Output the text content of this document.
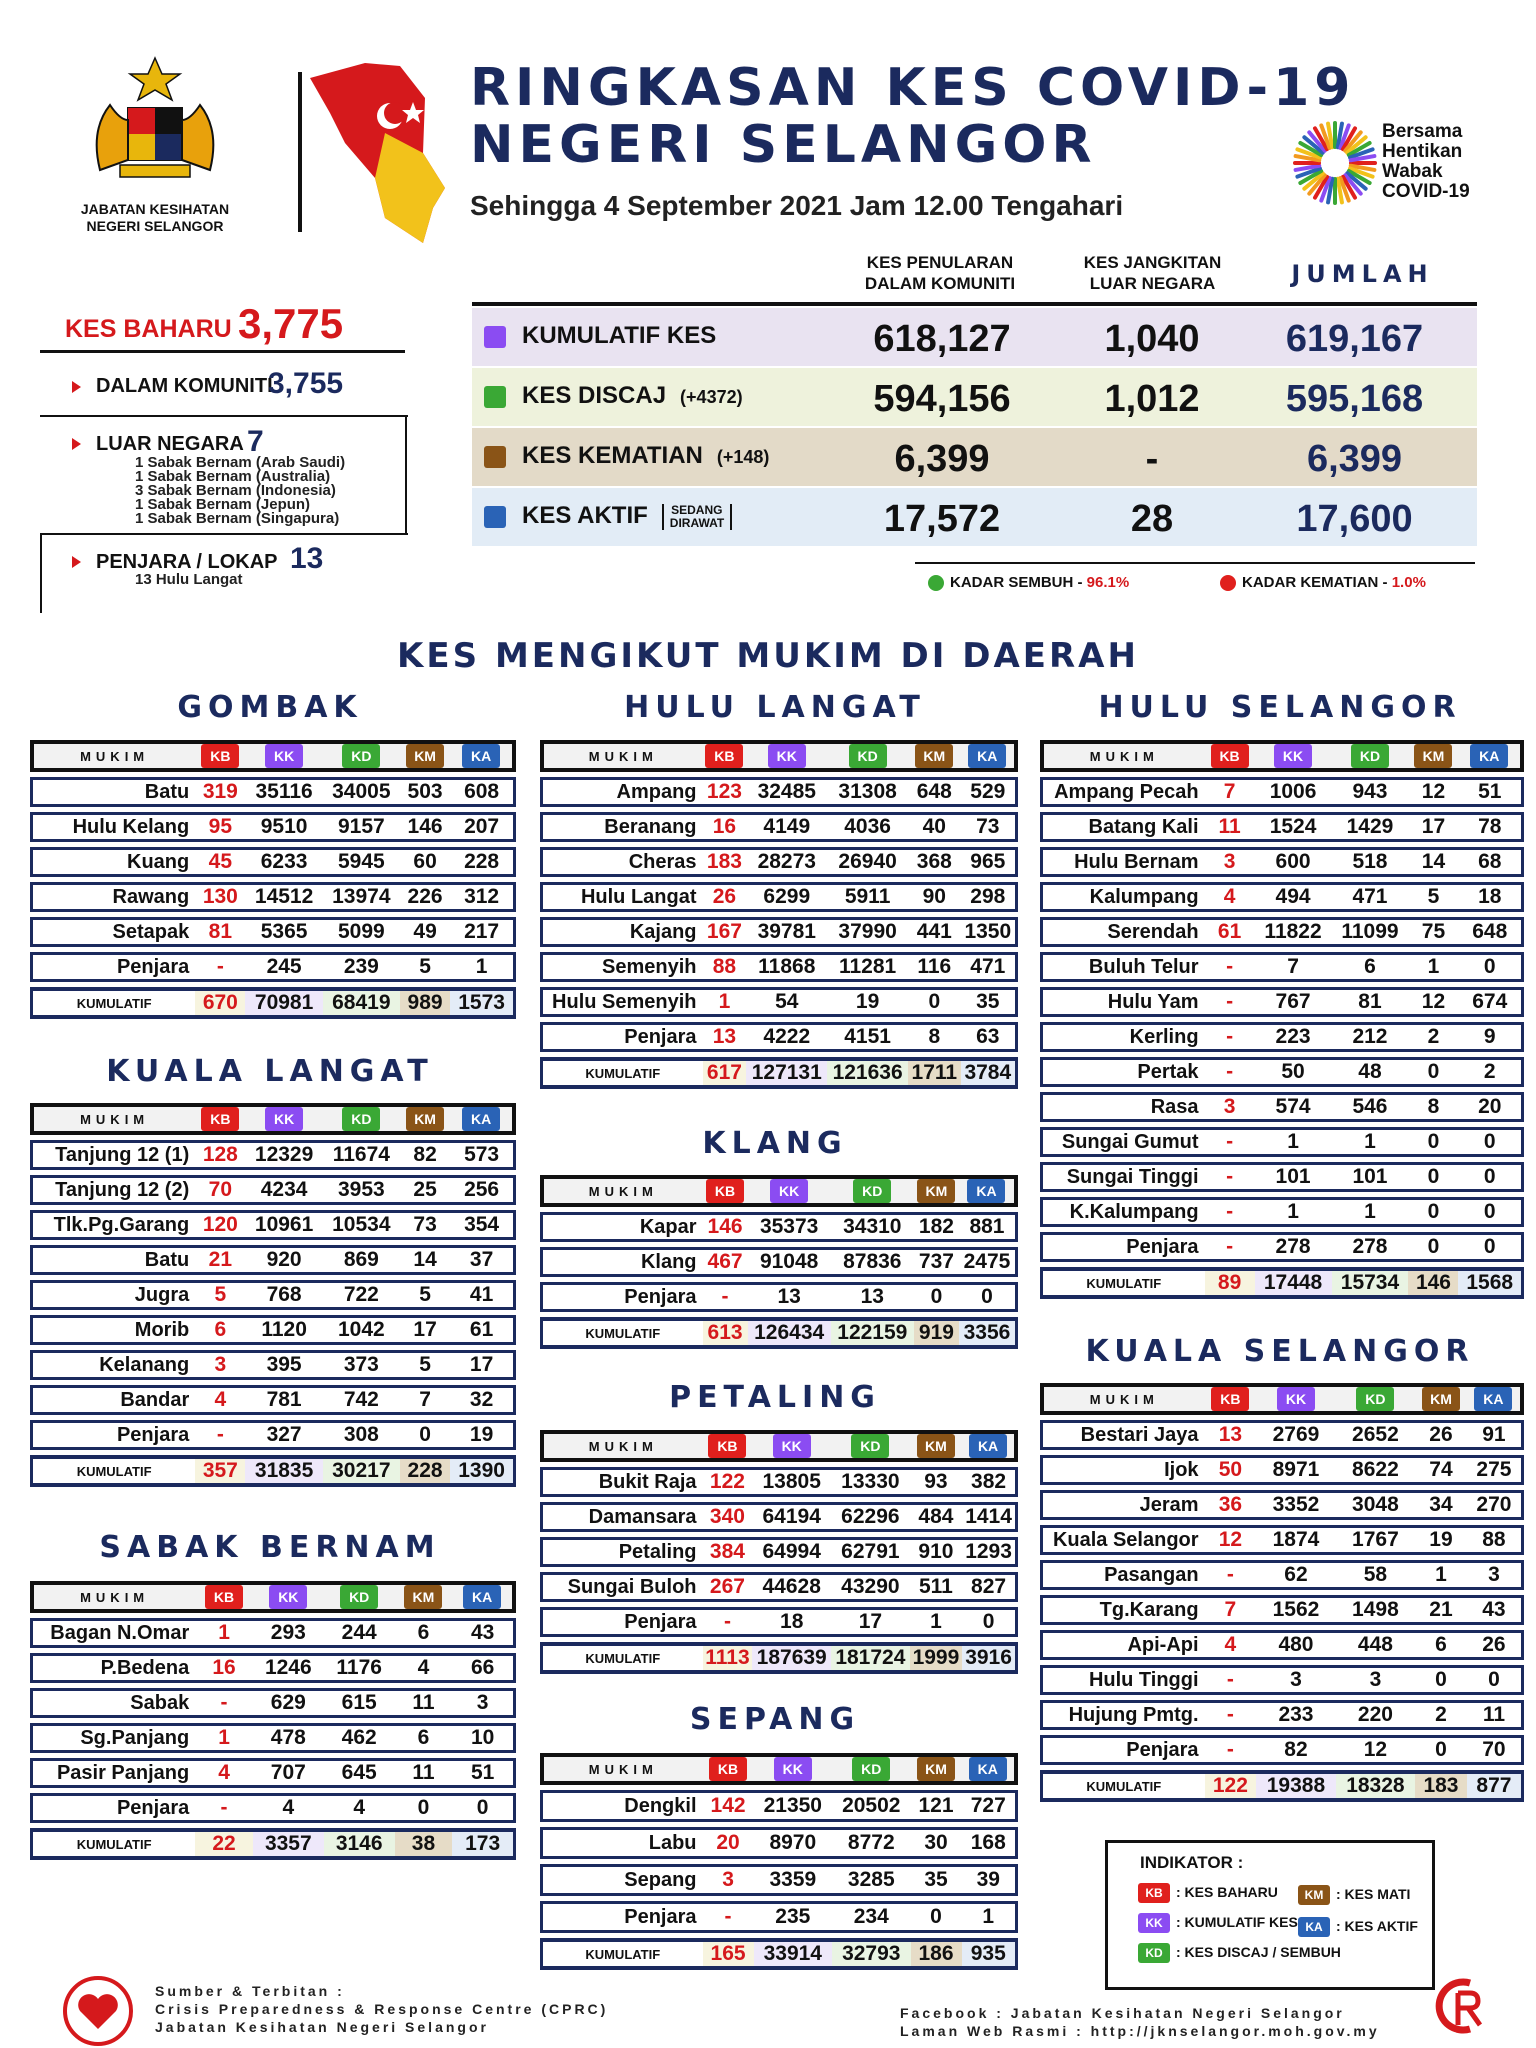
JABATAN KESIHATAN NEGERI SELANGOR
RINGKASAN KES COVID-19
NEGERI SELANGOR
Sehingga 4 September 2021 Jam 12.00 Tengahari
Bersama
Hentikan
Wabak
COVID-19
KES PENULARAN DALAM KOMUNITI
KES JANGKITAN LUAR NEGARA	JUMLAH
KUMULATIF KES	618,127	1,040	619,167
KES DISCAJ (+4372)	594,156	1,012	595,168
KES KEMATIAN (+148)	6,399	-	6,399
KES AKTIF SEDANG DIRAWAT	17,572	28	17,600
KADAR SEMBUH - 96.1%	KADAR KEMATIAN - 1.0%
KES BAHARU 3,775
DALAM KOMUNITI
3,755
LUAR NEGARA 7
1 Sabak Bernam (Arab Saudi)
1 Sabak Bernam (Australia)
3 Sabak Bernam (Indonesia)
1 Sabak Bernam (Jepun)
1 Sabak Bernam (Singapura)
PENJARA / LOKAP 13
13 Hulu Langat
KES MENGIKUT MUKIM DI DAERAH
GOMBAK
KUALA LANGAT
SABAK BERNAM
HULU LANGAT
KLANG
PETALING
SEPANG
HULU SELANGOR
KUALA SELANGOR
MUKIM	KB	KK	KD	KM	KA
Batu	319	35116	34005	503	608
Hulu Kelang	95	9510	9157	146	207
Kuang	45	6233	5945	60	228
Rawang	130	14512	13974	226	312
Setapak	81	5365	5099	49	217
Penjara	-	245	239	5	1
KUMULATIF	670	70981	68419	989	1573
MUKIM	KB	KK	KD	KM	KA
Tanjung 12 (1)	128	12329	11674	82	573
Tanjung 12 (2)	70	4234	3953	25	256
Tlk.Pg.Garang	120	10961	10534	73	354
Batu	21	920	869	14	37
Jugra	5	768	722	5	41
Morib	6	1120	1042	17	61
Kelanang	3	395	373	5	17
Bandar	4	781	742	7	32
Penjara	-	327	308	0	19
KUMULATIF	357	31835	30217	228	1390
MUKIM	KB	KK	KD	KM	KA
Bagan N.Omar	1	293	244	6	43
P.Bedena	16	1246	1176	4	66
Sabak	-	629	615	11	3
Sg.Panjang	1	478	462	6	10
Pasir Panjang	4	707	645	11	51
Penjara	-	4	4	0	0
KUMULATIF	22	3357	3146	38	173
MUKIM	KB	KK	KD	KM	KA
Ampang	123	32485	31308	648	529
Beranang	16	4149	4036	40	73
Cheras	183	28273	26940	368	965
Hulu Langat	26	6299	5911	90	298
Kajang	167	39781	37990	441	1350
Semenyih	88	11868	11281	116	471
Hulu Semenyih	1	54	19	0	35
Penjara	13	4222	4151	8	63
KUMULATIF	617	127131	121636	1711	3784
MUKIM	KB	KK	KD	KM	KA
Kapar	146	35373	34310	182	881
Klang	467	91048	87836	737	2475
Penjara	-	13	13	0	0
KUMULATIF	613	126434	122159	919	3356
MUKIM	KB	KK	KD	KM	KA
Bukit Raja	122	13805	13330	93	382
Damansara	340	64194	62296	484	1414
Petaling	384	64994	62791	910	1293
Sungai Buloh	267	44628	43290	511	827
Penjara	-	18	17	1	0
KUMULATIF	1113	187639	181724	1999	3916
MUKIM	KB	KK	KD	KM	KA
Dengkil	142	21350	20502	121	727
Labu	20	8970	8772	30	168
Sepang	3	3359	3285	35	39
Penjara	-	235	234	0	1
KUMULATIF	165	33914	32793	186	935
MUKIM	KB	KK	KD	KM	KA
Ampang Pecah	7	1006	943	12	51
Batang Kali	11	1524	1429	17	78
Hulu Bernam	3	600	518	14	68
Kalumpang	4	494	471	5	18
Serendah	61	11822	11099	75	648
Buluh Telur	-	7	6	1	0
Hulu Yam	-	767	81	12	674
Kerling	-	223	212	2	9
Pertak	-	50	48	0	2
Rasa	3	574	546	8	20
Sungai Gumut	-	1	1	0	0
Sungai Tinggi	-	101	101	0	0
K.Kalumpang	-	1	1	0	0
Penjara	-	278	278	0	0
KUMULATIF	89	17448	15734	146	1568
MUKIM	KB	KK	KD	KM	KA
Bestari Jaya	13	2769	2652	26	91
Ijok	50	8971	8622	74	275
Jeram	36	3352	3048	34	270
Kuala Selangor	12	1874	1767	19	88
Pasangan	-	62	58	1	3
Tg.Karang	7	1562	1498	21	43
Api-Api	4	480	448	6	26
Hulu Tinggi	-	3	3	0	0
Hujung Pmtg.	-	233	220	2	11
Penjara	-	82	12	0	70
KUMULATIF	122	19388	18328	183	877
INDIKATOR :
KB : KES BAHARU
KK : KUMULATIF KES
KD : KES DISCAJ / SEMBUH
KM : KES MATI
KA : KES AKTIF
Sumber & Terbitan :
Crisis Preparedness & Response Centre (CPRC)
Jabatan Kesihatan Negeri Selangor
Facebook : Jabatan Kesihatan Negeri Selangor
Laman Web Rasmi : http://jknselangor.moh.gov.my
